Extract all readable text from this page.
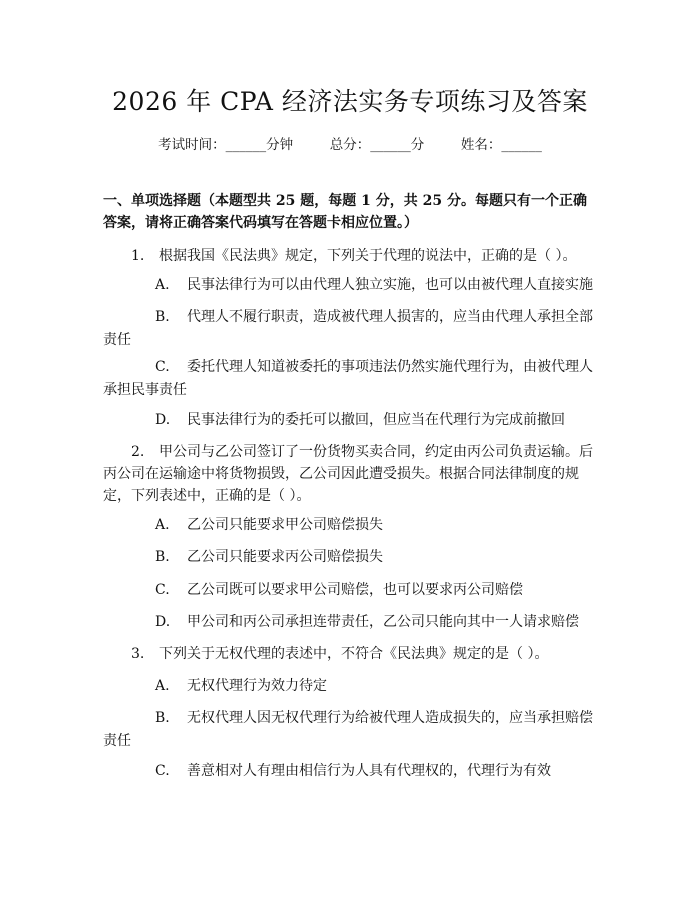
2026 年 CPA 经济法实务专项练习及答案
考试时间：______分钟	总分：______分	姓名：______
一、单项选择题（本题型共 25 题，每题 1 分，共 25 分。每题只有一个正确答案，请将正确答案代码填写在答题卡相应位置。）
1. 根据我国《民法典》规定，下列关于代理的说法中，正确的是（ ）。
A. 民事法律行为可以由代理人独立实施，也可以由被代理人直接实施
B. 代理人不履行职责，造成被代理人损害的，应当由代理人承担全部责任
C. 委托代理人知道被委托的事项违法仍然实施代理行为，由被代理人承担民事责任
D. 民事法律行为的委托可以撤回，但应当在代理行为完成前撤回
2. 甲公司与乙公司签订了一份货物买卖合同，约定由丙公司负责运输。后丙公司在运输途中将货物损毁，乙公司因此遭受损失。根据合同法律制度的规定，下列表述中，正确的是（ ）。
A. 乙公司只能要求甲公司赔偿损失
B. 乙公司只能要求丙公司赔偿损失
C. 乙公司既可以要求甲公司赔偿，也可以要求丙公司赔偿
D. 甲公司和丙公司承担连带责任，乙公司只能向其中一人请求赔偿
3. 下列关于无权代理的表述中，不符合《民法典》规定的是（ ）。
A. 无权代理行为效力待定
B. 无权代理人因无权代理行为给被代理人造成损失的，应当承担赔偿责任
C. 善意相对人有理由相信行为人具有代理权的，代理行为有效
